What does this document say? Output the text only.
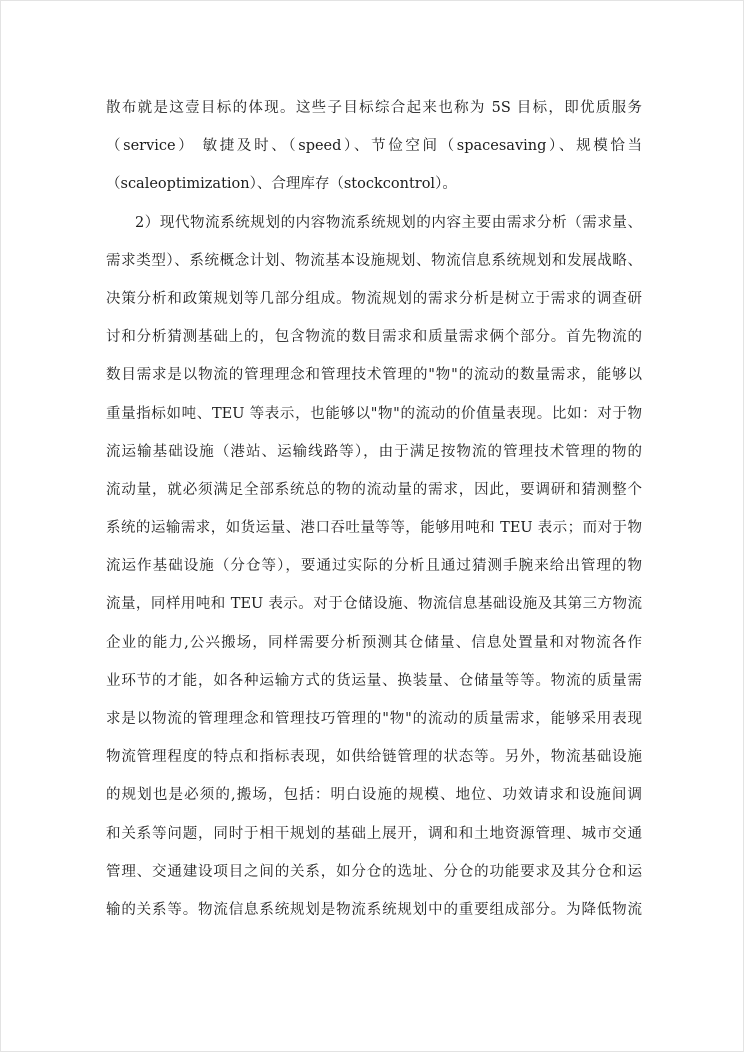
散布就是这壹目标的体现。这些子目标综合起来也称为 5S 目标，即优质服务
（service） 敏捷及时、（speed）、节俭空间（spacesaving）、规模恰当
（scaleoptimization）、合理库存（stockcontrol）。
2）现代物流系统规划的内容物流系统规划的内容主要由需求分析（需求量、
需求类型）、系统概念计划、物流基本设施规划、物流信息系统规划和发展战略、
决策分析和政策规划等几部分组成。物流规划的需求分析是树立于需求的调查研
讨和分析猜测基础上的，包含物流的数目需求和质量需求俩个部分。首先物流的
数目需求是以物流的管理理念和管理技术管理的"物"的流动的数量需求，能够以
重量指标如吨、TEU 等表示，也能够以"物"的流动的价值量表现。比如：对于物
流运输基础设施（港站、运输线路等），由于满足按物流的管理技术管理的物的
流动量，就必须满足全部系统总的物的流动量的需求，因此，要调研和猜测整个
系统的运输需求，如货运量、港口吞吐量等等，能够用吨和 TEU 表示；而对于物
流运作基础设施（分仓等），要通过实际的分析且通过猜测手腕来给出管理的物
流量，同样用吨和 TEU 表示。对于仓储设施、物流信息基础设施及其第三方物流
企业的能力,公兴搬场，同样需要分析预测其仓储量、信息处置量和对物流各作
业环节的才能，如各种运输方式的货运量、换装量、仓储量等等。物流的质量需
求是以物流的管理理念和管理技巧管理的"物"的流动的质量需求，能够采用表现
物流管理程度的特点和指标表现，如供给链管理的状态等。另外，物流基础设施
的规划也是必须的,搬场，包括：明白设施的规模、地位、功效请求和设施间调
和关系等问题，同时于相干规划的基础上展开，调和和土地资源管理、城市交通
管理、交通建设项目之间的关系，如分仓的选址、分仓的功能要求及其分仓和运
输的关系等。物流信息系统规划是物流系统规划中的重要组成部分。为降低物流
